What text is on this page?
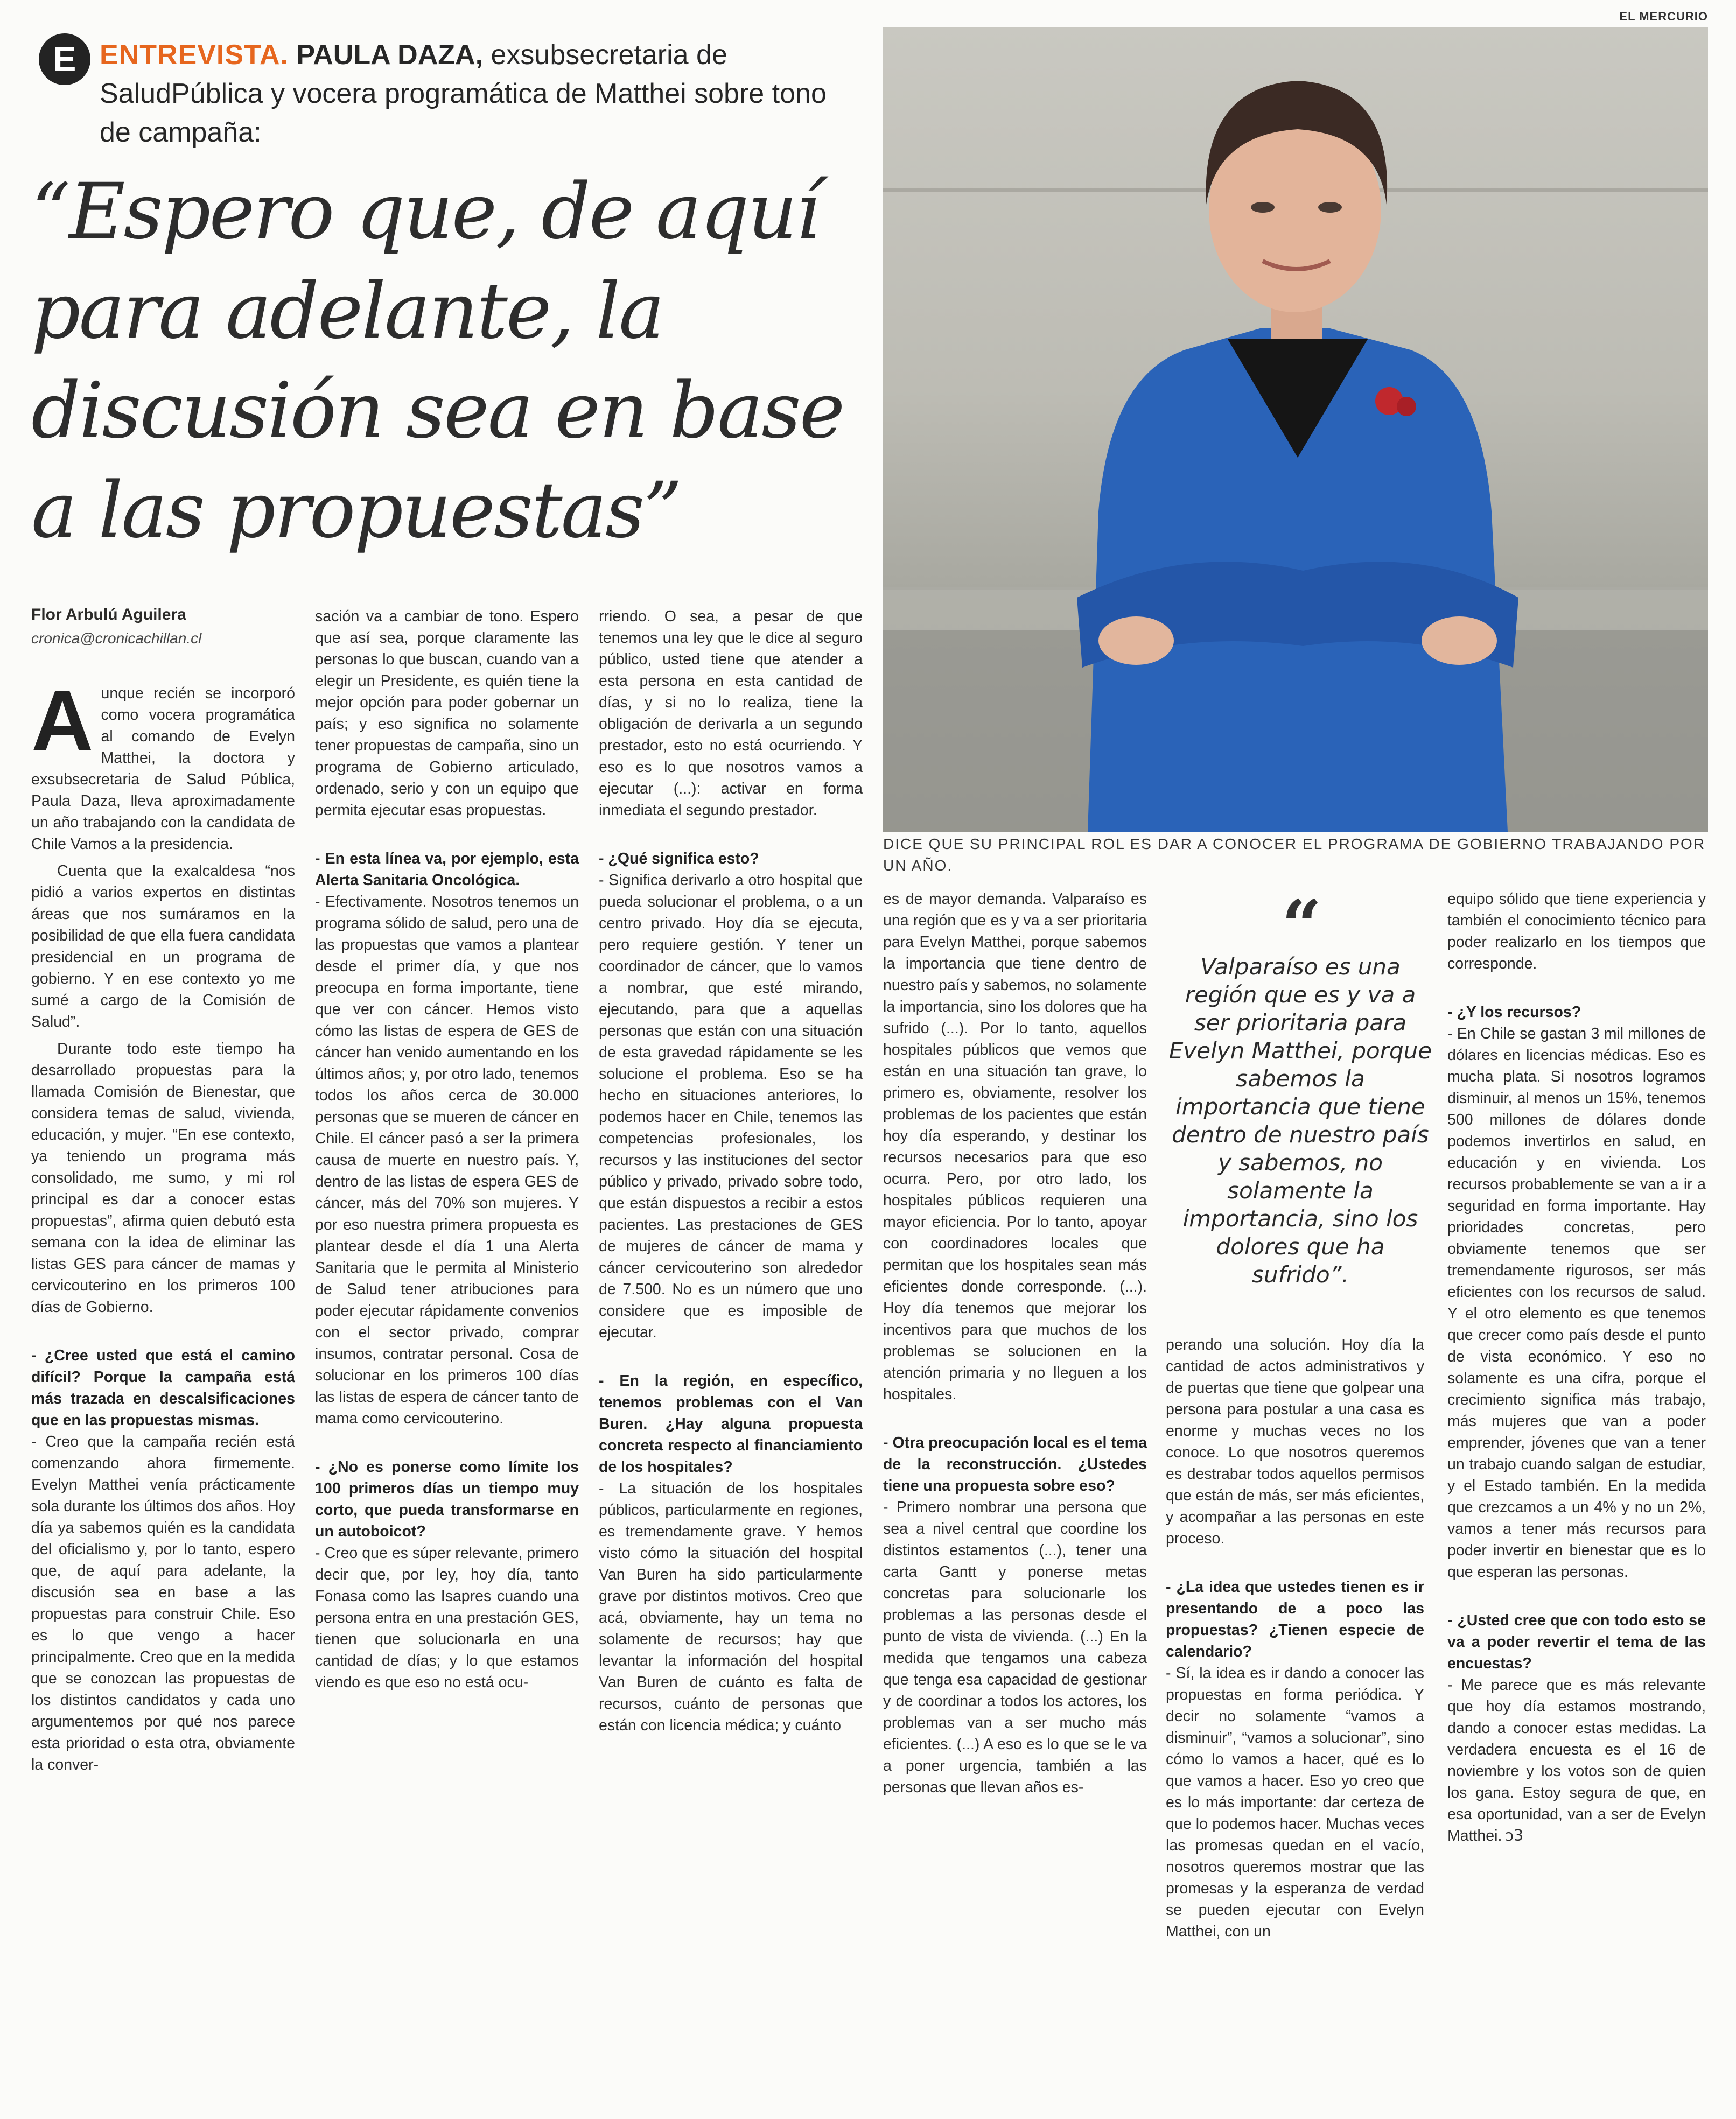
EL MERCURIO
E ENTREVISTA. PAULA DAZA, exsubsecretaria de SaludPública y vocera programática de Matthei sobre tono de campaña:
“Espero que, de aquí para adelante, la discusión sea en base a las propuestas”
DICE QUE SU PRINCIPAL ROL ES DAR A CONOCER EL PROGRAMA DE GOBIERNO TRABAJANDO POR UN AÑO.
Flor Arbulú Aguilera
cronica@cronicachillan.cl

Aunque recién se incorporó como vocera programática al comando de Evelyn Matthei, la doctora y exsubsecretaria de Salud Pública, Paula Daza, lleva aproximadamente un año trabajando con la candidata de Chile Vamos a la presidencia.

Cuenta que la exalcaldesa “nos pidió a varios expertos en distintas áreas que nos sumáramos en la posibilidad de que ella fuera candidata presidencial en un programa de gobierno. Y en ese contexto yo me sumé a cargo de la Comisión de Salud”.

Durante todo este tiempo ha desarrollado propuestas para la llamada Comisión de Bienestar, que considera temas de salud, vivienda, educación, y mujer. “En ese contexto, ya teniendo un programa más consolidado, me sumo, y mi rol principal es dar a conocer estas propuestas”, afirma quien debutó esta semana con la idea de eliminar las listas GES para cáncer de mamas y cervicouterino en los primeros 100 días de Gobierno.

- ¿Cree usted que está el camino difícil? Porque la campaña está más trazada en descalsificaciones que en las propuestas mismas.

- Creo que la campaña recién está comenzando ahora firmemente. Evelyn Matthei venía prácticamente sola durante los últimos dos años. Hoy día ya sabemos quién es la candidata del oficialismo y, por lo tanto, espero que, de aquí para adelante, la discusión sea en base a las propuestas para construir Chile. Eso es lo que vengo a hacer principalmente. Creo que en la medida que se conozcan las propuestas de los distintos candidatos y cada uno argumentemos por qué nos parece esta prioridad o esta otra, obviamente la conver-

sación va a cambiar de tono. Espero que así sea, porque claramente las personas lo que buscan, cuando van a elegir un Presidente, es quién tiene la mejor opción para poder gobernar un país; y eso significa no solamente tener propuestas de campaña, sino un programa de Gobierno articulado, ordenado, serio y con un equipo que permita ejecutar esas propuestas.

- En esta línea va, por ejemplo, esta Alerta Sanitaria Oncológica.

- Efectivamente. Nosotros tenemos un programa sólido de salud, pero una de las propuestas que vamos a plantear desde el primer día, y que nos preocupa en forma importante, tiene que ver con cáncer. Hemos visto cómo las listas de espera de GES de cáncer han venido aumentando en los últimos años; y, por otro lado, tenemos todos los años cerca de 30.000 personas que se mueren de cáncer en Chile. El cáncer pasó a ser la primera causa de muerte en nuestro país. Y, dentro de las listas de espera GES de cáncer, más del 70% son mujeres. Y por eso nuestra primera propuesta es plantear desde el día 1 una Alerta Sanitaria que le permita al Ministerio de Salud tener atribuciones para poder ejecutar rápidamente convenios con el sector privado, comprar insumos, contratar personal. Cosa de solucionar en los primeros 100 días las listas de espera de cáncer tanto de mama como cervicouterino.

- ¿No es ponerse como límite los 100 primeros días un tiempo muy corto, que pueda transformarse en un autoboicot?

- Creo que es súper relevante, primero decir que, por ley, hoy día, tanto Fonasa como las Isapres cuando una persona entra en una prestación GES, tienen que solucionarla en una cantidad de días; y lo que estamos viendo es que eso no está ocu-

rriendo. O sea, a pesar de que tenemos una ley que le dice al seguro público, usted tiene que atender a esta persona en esta cantidad de días, y si no lo realiza, tiene la obligación de derivarla a un segundo prestador, esto no está ocurriendo. Y eso es lo que nosotros vamos a ejecutar (...): activar en forma inmediata el segundo prestador.

- ¿Qué significa esto?

- Significa derivarlo a otro hospital que pueda solucionar el problema, o a un centro privado. Hoy día se ejecuta, pero requiere gestión. Y tener un coordinador de cáncer, que lo vamos a nombrar, que esté mirando, ejecutando, para que a aquellas personas que están con una situación de esta gravedad rápidamente se les solucione el problema. Eso se ha hecho en situaciones anteriores, lo podemos hacer en Chile, tenemos las competencias profesionales, los recursos y las instituciones del sector público y privado, privado sobre todo, que están dispuestos a recibir a estos pacientes. Las prestaciones de GES de mujeres de cáncer de mama y cáncer cervicouterino son alrededor de 7.500. No es un número que uno considere que es imposible de ejecutar.

- En la región, en específico, tenemos problemas con el Van Buren. ¿Hay alguna propuesta concreta respecto al financiamiento de los hospitales?

- La situación de los hospitales públicos, particularmente en regiones, es tremendamente grave. Y hemos visto cómo la situación del hospital Van Buren ha sido particularmente grave por distintos motivos. Creo que acá, obviamente, hay un tema no solamente de recursos; hay que levantar la información del hospital Van Buren de cuánto es falta de recursos, cuánto de personas que están con licencia médica; y cuánto

es de mayor demanda. Valparaíso es una región que es y va a ser prioritaria para Evelyn Matthei, porque sabemos la importancia que tiene dentro de nuestro país y sabemos, no solamente la importancia, sino los dolores que ha sufrido (...). Por lo tanto, aquellos hospitales públicos que vemos que están en una situación tan grave, lo primero es, obviamente, resolver los problemas de los pacientes que están hoy día esperando, y destinar los recursos necesarios para que eso ocurra. Pero, por otro lado, los hospitales públicos requieren una mayor eficiencia. Por lo tanto, apoyar con coordinadores locales que permitan que los hospitales sean más eficientes donde corresponde. (...). Hoy día tenemos que mejorar los incentivos para que muchos de los problemas se solucionen en la atención primaria y no lleguen a los hospitales.

- Otra preocupación local es el tema de la reconstrucción. ¿Ustedes tiene una propuesta sobre eso?

- Primero nombrar una persona que sea a nivel central que coordine los distintos estamentos (...), tener una carta Gantt y ponerse metas concretas para solucionarle los problemas a las personas desde el punto de vista de vivienda. (...) En la medida que tengamos una cabeza que tenga esa capacidad de gestionar y de coordinar a todos los actores, los problemas van a ser mucho más eficientes. (...) A eso es lo que se le va a poner urgencia, también a las personas que llevan años es-

“
Valparaíso es una región que es y va a ser prioritaria para Evelyn Matthei, porque sabemos la importancia que tiene dentro de nuestro país y sabemos, no solamente la importancia, sino los dolores que ha sufrido”.

perando una solución. Hoy día la cantidad de actos administrativos y de puertas que tiene que golpear una persona para postular a una casa es enorme y muchas veces no los conoce. Lo que nosotros queremos es destrabar todos aquellos permisos que están de más, ser más eficientes, y acompañar a las personas en este proceso.

- ¿La idea que ustedes tienen es ir presentando de a poco las propuestas? ¿Tienen especie de calendario?

- Sí, la idea es ir dando a conocer las propuestas en forma periódica. Y decir no solamente “vamos a disminuir”, “vamos a solucionar”, sino cómo lo vamos a hacer, qué es lo que vamos a hacer. Eso yo creo que es lo más importante: dar certeza de que lo podemos hacer. Muchas veces las promesas quedan en el vacío, nosotros queremos mostrar que las promesas y la esperanza de verdad se pueden ejecutar con Evelyn Matthei, con un

equipo sólido que tiene experiencia y también el conocimiento técnico para poder realizarlo en los tiempos que corresponde.

- ¿Y los recursos?

- En Chile se gastan 3 mil millones de dólares en licencias médicas. Eso es mucha plata. Si nosotros logramos disminuir, al menos un 15%, tenemos 500 millones de dólares donde podemos invertirlos en salud, en educación y en vivienda. Los recursos probablemente se van a ir a seguridad en forma importante. Hay prioridades concretas, pero obviamente tenemos que ser tremendamente rigurosos, ser más eficientes con los recursos de salud. Y el otro elemento es que tenemos que crecer como país desde el punto de vista económico. Y eso no solamente es una cifra, porque el crecimiento significa más trabajo, más mujeres que van a poder emprender, jóvenes que van a tener un trabajo cuando salgan de estudiar, y el Estado también. En la medida que crezcamos a un 4% y no un 2%, vamos a tener más recursos para poder invertir en bienestar que es lo que esperan las personas.

- ¿Usted cree que con todo esto se va a poder revertir el tema de las encuestas?

- Me parece que es más relevante que hoy día estamos mostrando, dando a conocer estas medidas. La verdadera encuesta es el 16 de noviembre y los votos son de quien los gana. Estoy segura de que, en esa oportunidad, van a ser de Evelyn Matthei. ↄ3
